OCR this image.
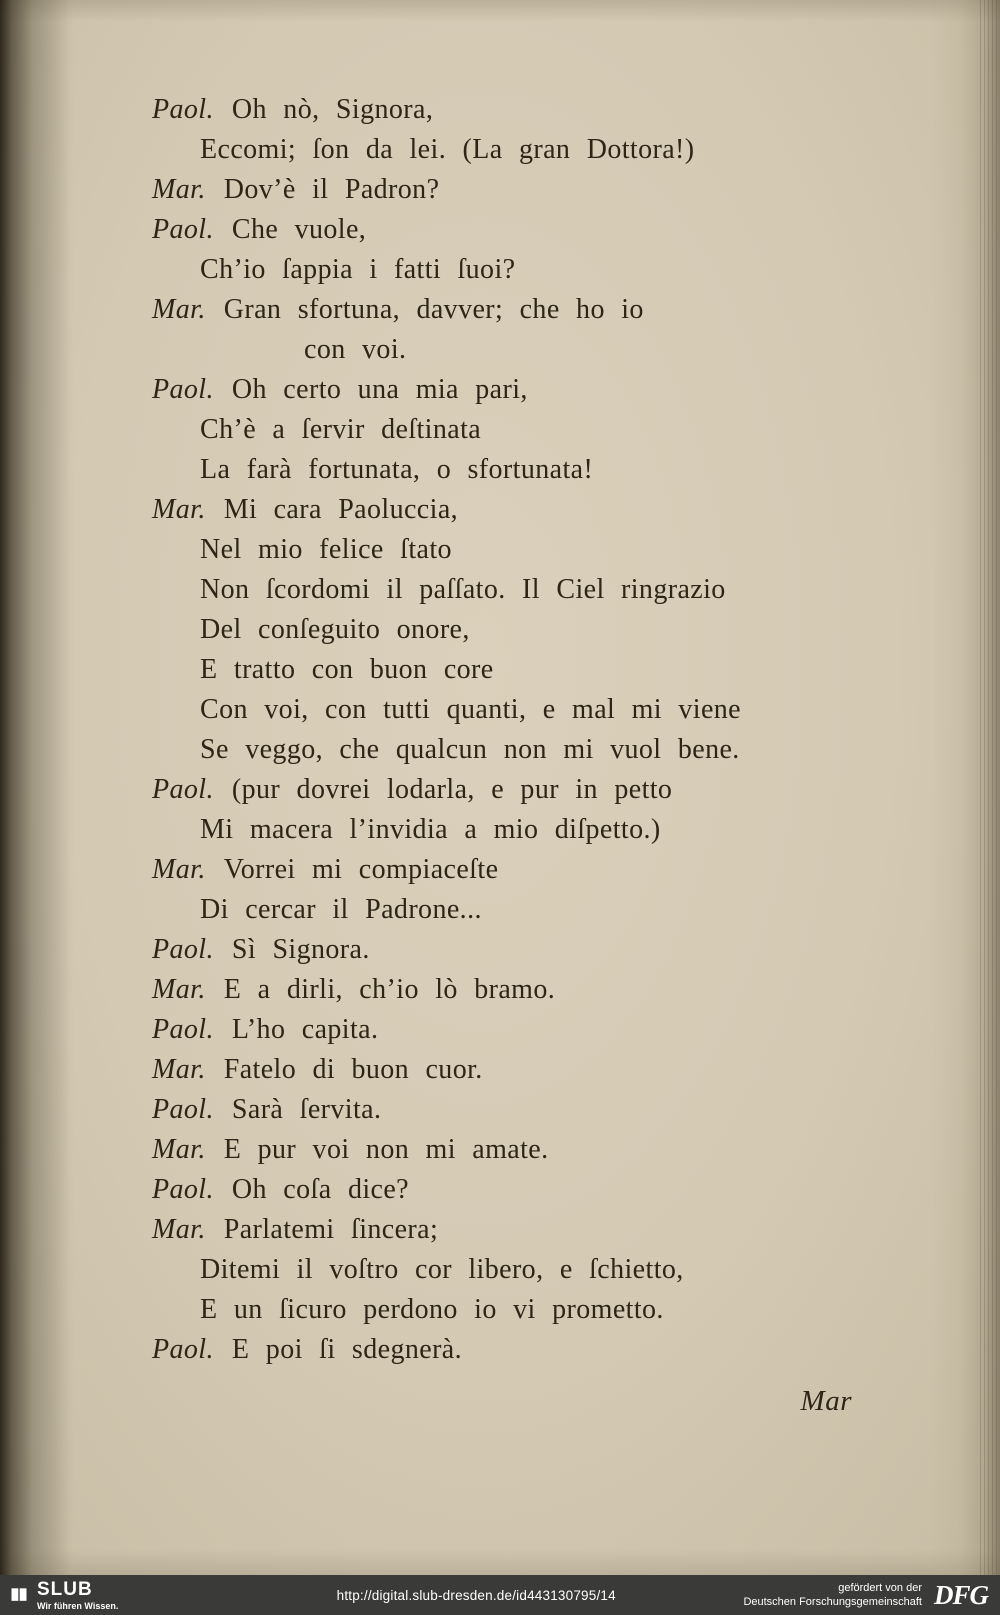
Paol. Oh nò, Signora,
Eccomi; ſon da lei. (La gran Dottora!)
Mar. Dov’è il Padron?
Paol. Che vuole,
Ch’io ſappia i fatti ſuoi?
Mar. Gran sfortuna, davver; che ho io
con voi.
Paol. Oh certo una mia pari,
Ch’è a ſervir deſtinata
La farà fortunata, o sfortunata!
Mar. Mi cara Paoluccia,
Nel mio felice ſtato
Non ſcordomi il paſſato. Il Ciel ringrazio
Del conſeguito onore,
E tratto con buon core
Con voi, con tutti quanti, e mal mi viene
Se veggo, che qualcun non mi vuol bene.
Paol. (pur dovrei lodarla, e pur in petto
Mi macera l’invidia a mio diſpetto.)
Mar. Vorrei mi compiaceſte
Di cercar il Padrone...
Paol. Sì Signora.
Mar. E a dirli, ch’io lò bramo.
Paol. L’ho capita.
Mar. Fatelo di buon cuor.
Paol. Sarà ſervita.
Mar. E pur voi non mi amate.
Paol. Oh coſa dice?
Mar. Parlatemi ſincera;
Ditemi il voſtro cor libero, e ſchietto,
E un ſicuro perdono io vi prometto.
Paol. E poi ſi sdegnerà.
Mar
SLUB
Wir führen Wissen.
http://digital.slub-dresden.de/id443130795/14	gefördert von der
Deutschen Forschungsgemeinschaft DFG
